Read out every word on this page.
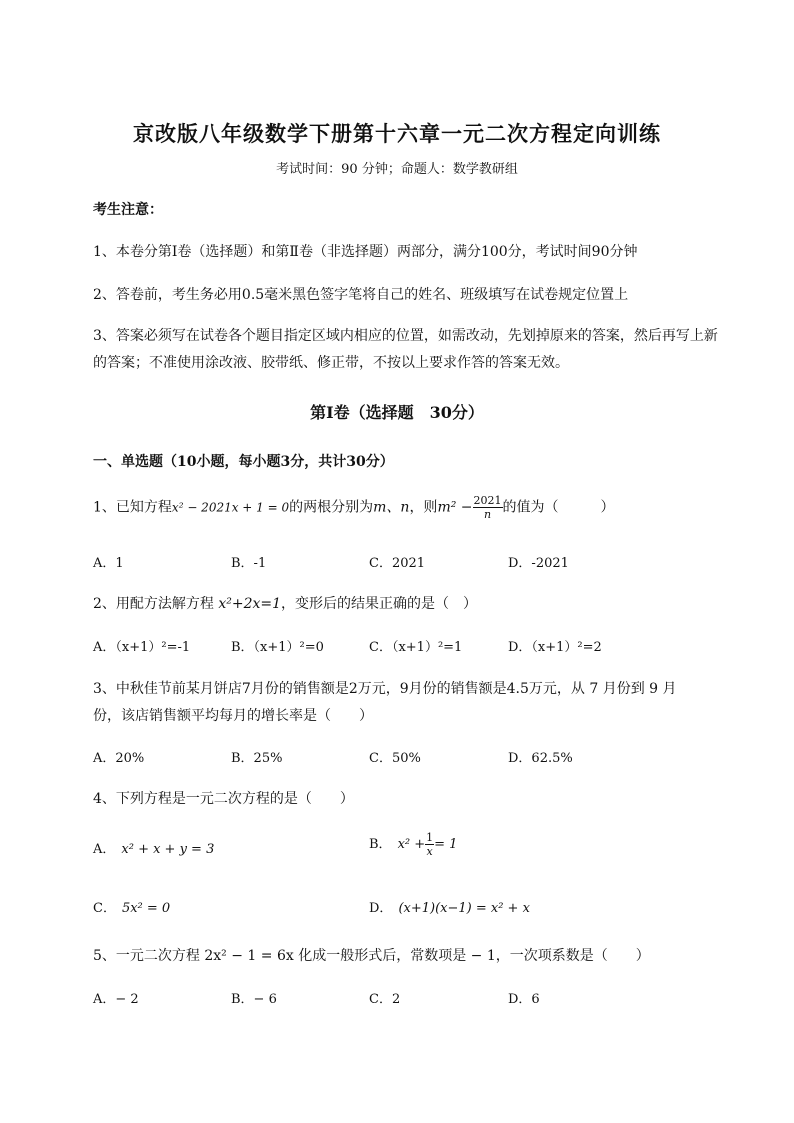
京改版八年级数学下册第十六章一元二次方程定向训练
考试时间：90 分钟；命题人：数学教研组
考生注意：
1、本卷分第Ⅰ卷（选择题）和第Ⅱ卷（非选择题）两部分，满分100分，考试时间90分钟
2、答卷前，考生务必用0.5毫米黑色签字笔将自己的姓名、班级填写在试卷规定位置上
3、答案必须写在试卷各个题目指定区域内相应的位置，如需改动，先划掉原来的答案，然后再写上新
的答案；不准使用涂改液、胶带纸、修正带，不按以上要求作答的答案无效。
第Ⅰ卷（选择题　30分）
一、单选题（10小题，每小题3分，共计30分）
1、已知方程x² − 2021x + 1 = 0的两根分别为m、n，则$m^2 - \frac{2021}{n}$ 的值为（　　　）
A．1	B．-1	C．2021	D．-2021
2、用配方法解方程 x²+2x=1，变形后的结果正确的是（　）
A．（x+1）²=-1	B．（x+1）²=0	C．（x+1）²=1	D．（x+1）²=2
3、中秋佳节前某月饼店7月份的销售额是2万元，9月份的销售额是4.5万元，从 7 月份到 9 月
份，该店销售额平均每月的增长率是（　　）
A．20%	B．25%	C．50%	D．62.5%
4、下列方程是一元二次方程的是（　　）
A． x² + x + y = 3	B． $x^2 + \frac{1}{x} = 1$
C． 5x² = 0	D． (x+1)(x−1) = x² + x
5、一元二次方程 2x² − 1 = 6x 化成一般形式后，常数项是 − 1，一次项系数是（　　）
A．− 2	B．− 6	C．2	D．6
